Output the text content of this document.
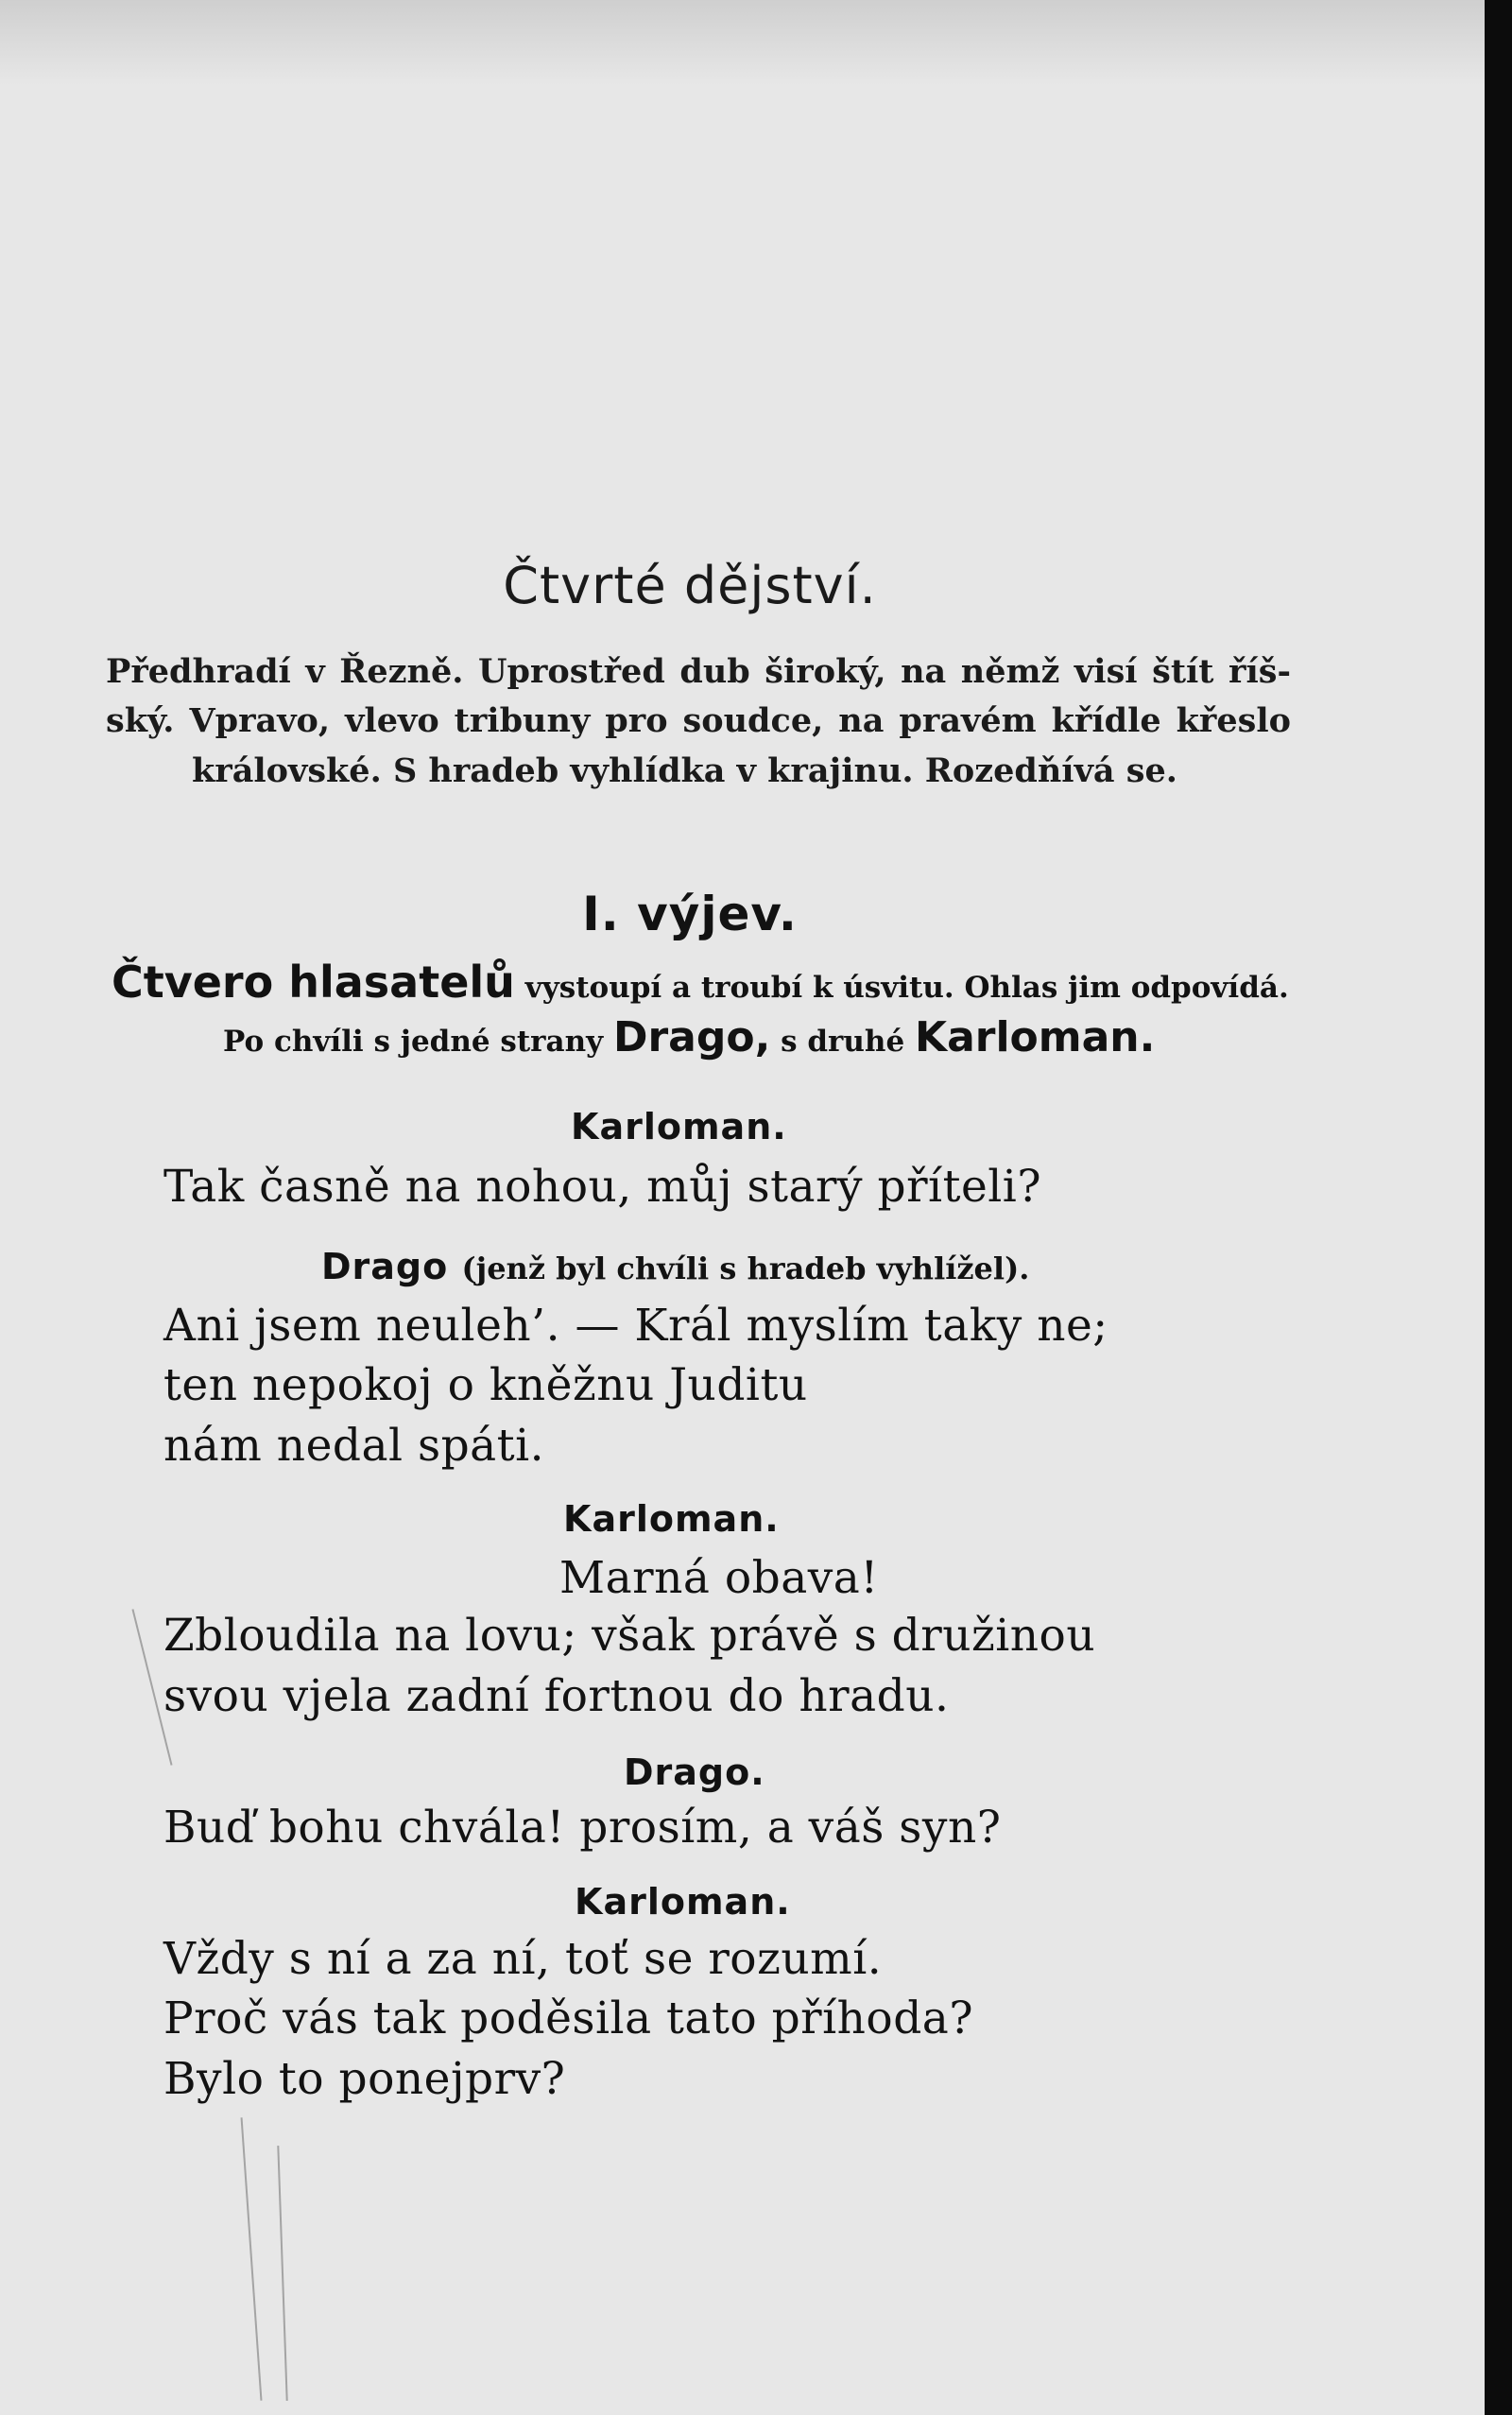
Čtvrté dějství.
Předhradí v Řezně. Uprostřed dub široký, na němž visí štít říš-
ský. Vpravo, vlevo tribuny pro soudce, na pravém křídle křeslo
královské. S hradeb vyhlídka v krajinu. Rozedňívá se.
I. výjev.
Čtvero hlasatelů vystoupí a troubí k úsvitu. Ohlas jim odpovídá.
Po chvíli s jedné strany Drago, s druhé Karloman.
Karloman.
Tak časně na nohou, můj starý příteli?
Drago (jenž byl chvíli s hradeb vyhlížel).
Ani jsem neuleh’. — Král myslím taky ne;
ten nepokoj o kněžnu Juditu
nám nedal spáti.
Karloman.
Marná obava!
Zbloudila na lovu; však právě s družinou
svou vjela zadní fortnou do hradu.
Drago.
Buď bohu chvála! prosím, a váš syn?
Karloman.
Vždy s ní a za ní, toť se rozumí.
Proč vás tak poděsila tato příhoda?
Bylo to ponejprv?
